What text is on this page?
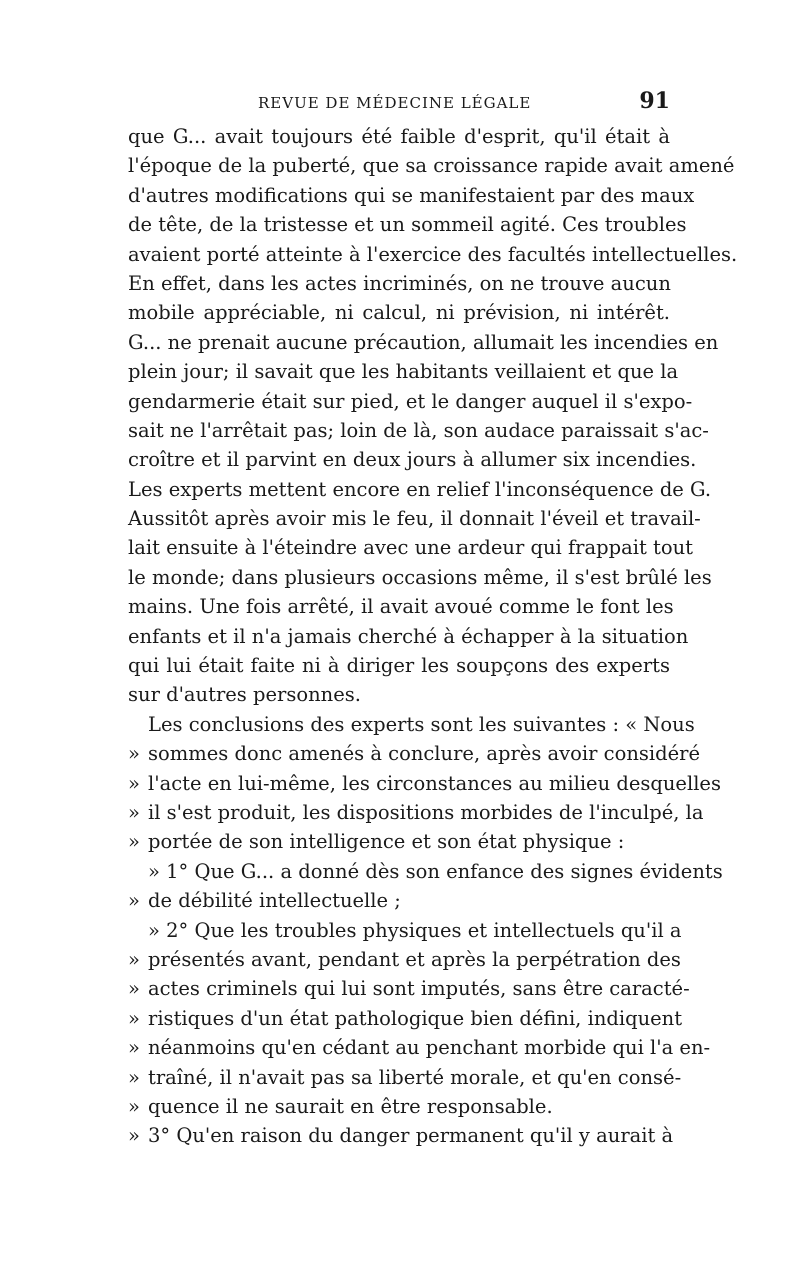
REVUE DE MÉDECINE LÉGALE	91
que G... avait toujours été faible d'esprit, qu'il était à
l'époque de la puberté, que sa croissance rapide avait amené
d'autres modifications qui se manifestaient par des maux
de tête, de la tristesse et un sommeil agité. Ces troubles
avaient porté atteinte à l'exercice des facultés intellectuelles.
En effet, dans les actes incriminés, on ne trouve aucun
mobile appréciable, ni calcul, ni prévision, ni intérêt.
G... ne prenait aucune précaution, allumait les incendies en
plein jour; il savait que les habitants veillaient et que la
gendarmerie était sur pied, et le danger auquel il s'expo-
sait ne l'arrêtait pas; loin de là, son audace paraissait s'ac-
croître et il parvint en deux jours à allumer six incendies.
Les experts mettent encore en relief l'inconséquence de G.
Aussitôt après avoir mis le feu, il donnait l'éveil et travail-
lait ensuite à l'éteindre avec une ardeur qui frappait tout
le monde; dans plusieurs occasions même, il s'est brûlé les
mains. Une fois arrêté, il avait avoué comme le font les
enfants et il n'a jamais cherché à échapper à la situation
qui lui était faite ni à diriger les soupçons des experts
sur d'autres personnes.
Les conclusions des experts sont les suivantes : « Nous
» sommes donc amenés à conclure, après avoir considéré
» l'acte en lui-même, les circonstances au milieu desquelles
» il s'est produit, les dispositions morbides de l'inculpé, la
» portée de son intelligence et son état physique :
» 1° Que G... a donné dès son enfance des signes évidents
» de débilité intellectuelle ;
» 2° Que les troubles physiques et intellectuels qu'il a
» présentés avant, pendant et après la perpétration des
» actes criminels qui lui sont imputés, sans être caracté-
» ristiques d'un état pathologique bien défini, indiquent
» néanmoins qu'en cédant au penchant morbide qui l'a en-
» traîné, il n'avait pas sa liberté morale, et qu'en consé-
» quence il ne saurait en être responsable.
» 3° Qu'en raison du danger permanent qu'il y aurait à
